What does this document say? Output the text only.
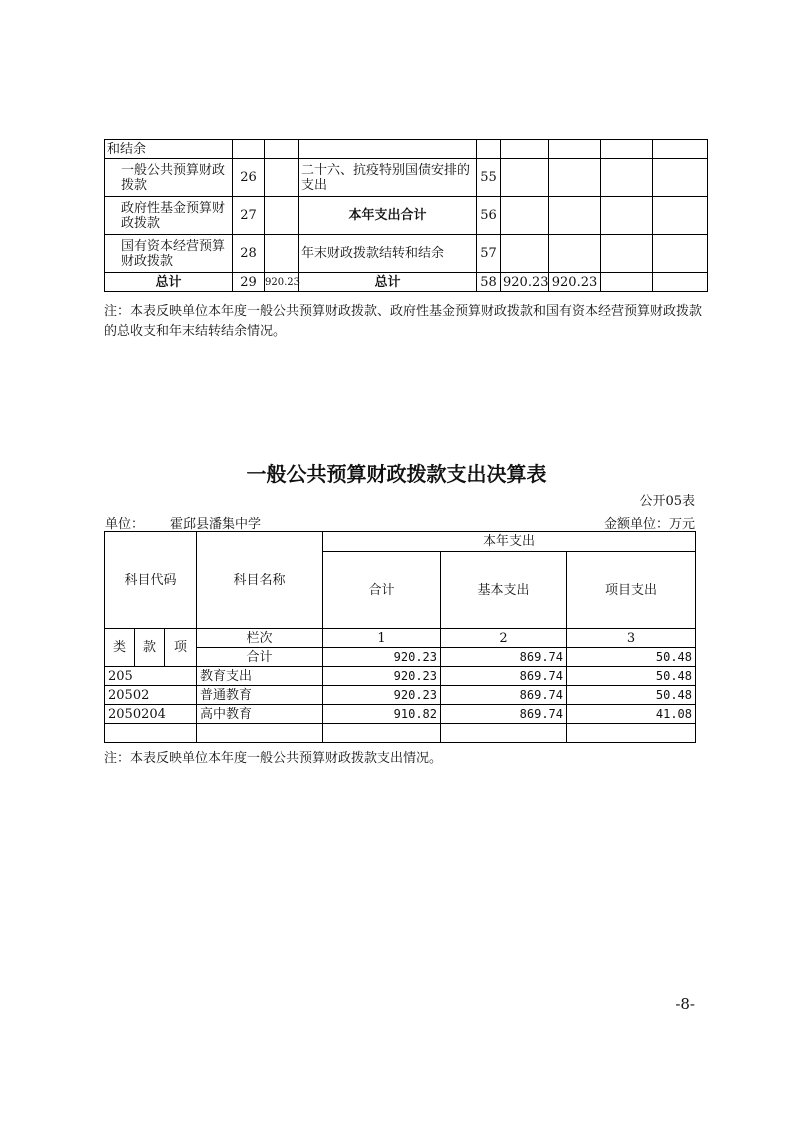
和结余								
一般公共预算财政拨款	26		二十六、抗疫特别国债安排的支出	55				
政府性基金预算财政拨款	27		本年支出合计	56				
国有资本经营预算财政拨款	28		年末财政拨款结转和结余	57				
总计	29	920.23	总计	58	920.23	920.23		
注：本表反映单位本年度一般公共预算财政拨款、政府性基金预算财政拨款和国有资本经营预算财政拨款的总收支和年末结转结余情况。
一般公共预算财政拨款支出决算表
公开05表
单位： 霍邱县潘集中学	金额单位：万元
科目代码			科目名称	本年支出		
				合计	基本支出	项目支出
类	款	项	栏次	1	2	3
			合计	920.23	869.74	50.48
205			教育支出	920.23	869.74	50.48
20502			普通教育	920.23	869.74	50.48
2050204			高中教育	910.82	869.74	41.08

注：本表反映单位本年度一般公共预算财政拨款支出情况。
-8-
